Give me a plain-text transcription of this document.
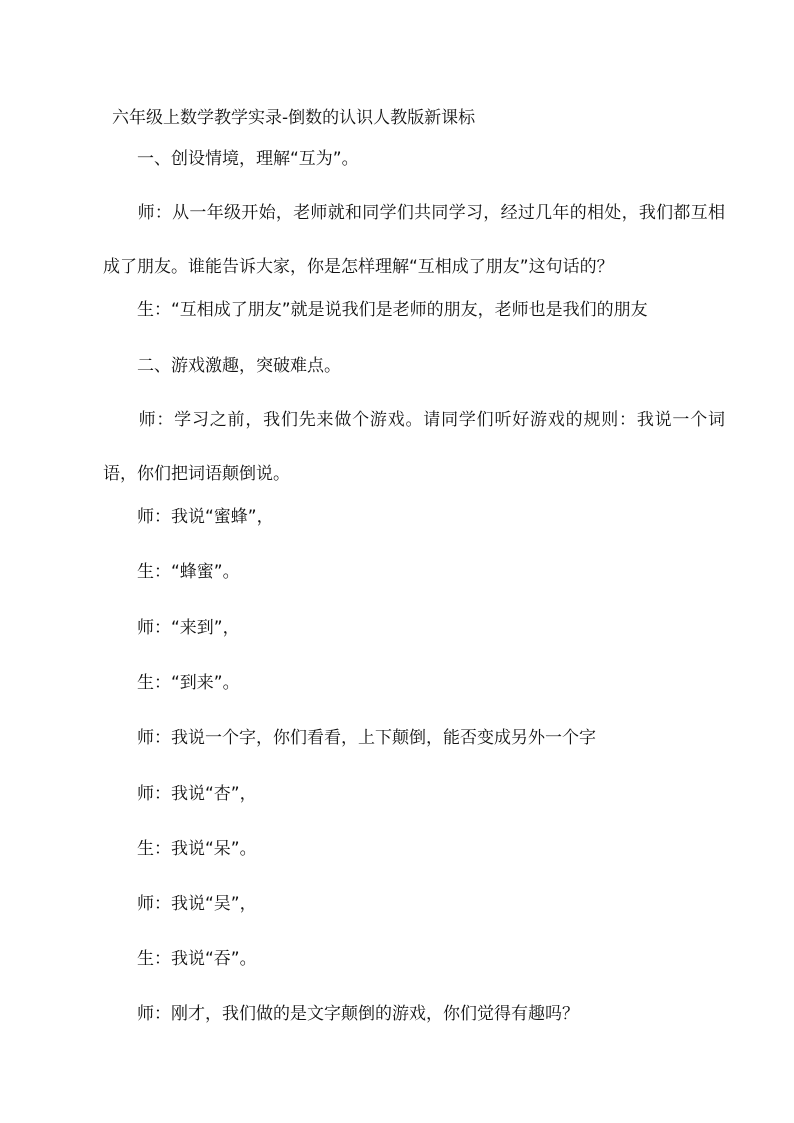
六年级上数学教学实录-倒数的认识人教版新课标

　　一、创设情境，理解“互为”。

　　师：从一年级开始，老师就和同学们共同学习，经过几年的相处，我们都互相成了朋友。谁能告诉大家，你是怎样理解“互相成了朋友”这句话的？

　　生：“互相成了朋友”就是说我们是老师的朋友，老师也是我们的朋友

　　二、游戏激趣，突破难点。

　　师：学习之前，我们先来做个游戏。请同学们听好游戏的规则：我说一个词语，你们把词语颠倒说。

　　师：我说“蜜蜂”，

　　生：“蜂蜜”。

　　师：“来到”，

　　生：“到来”。

　　师：我说一个字，你们看看，上下颠倒，能否变成另外一个字

　　师：我说“杏”，

　　生：我说“呆”。

　　师：我说“吴”，

　　生：我说“吞”。

　　师：刚才，我们做的是文字颠倒的游戏，你们觉得有趣吗？
